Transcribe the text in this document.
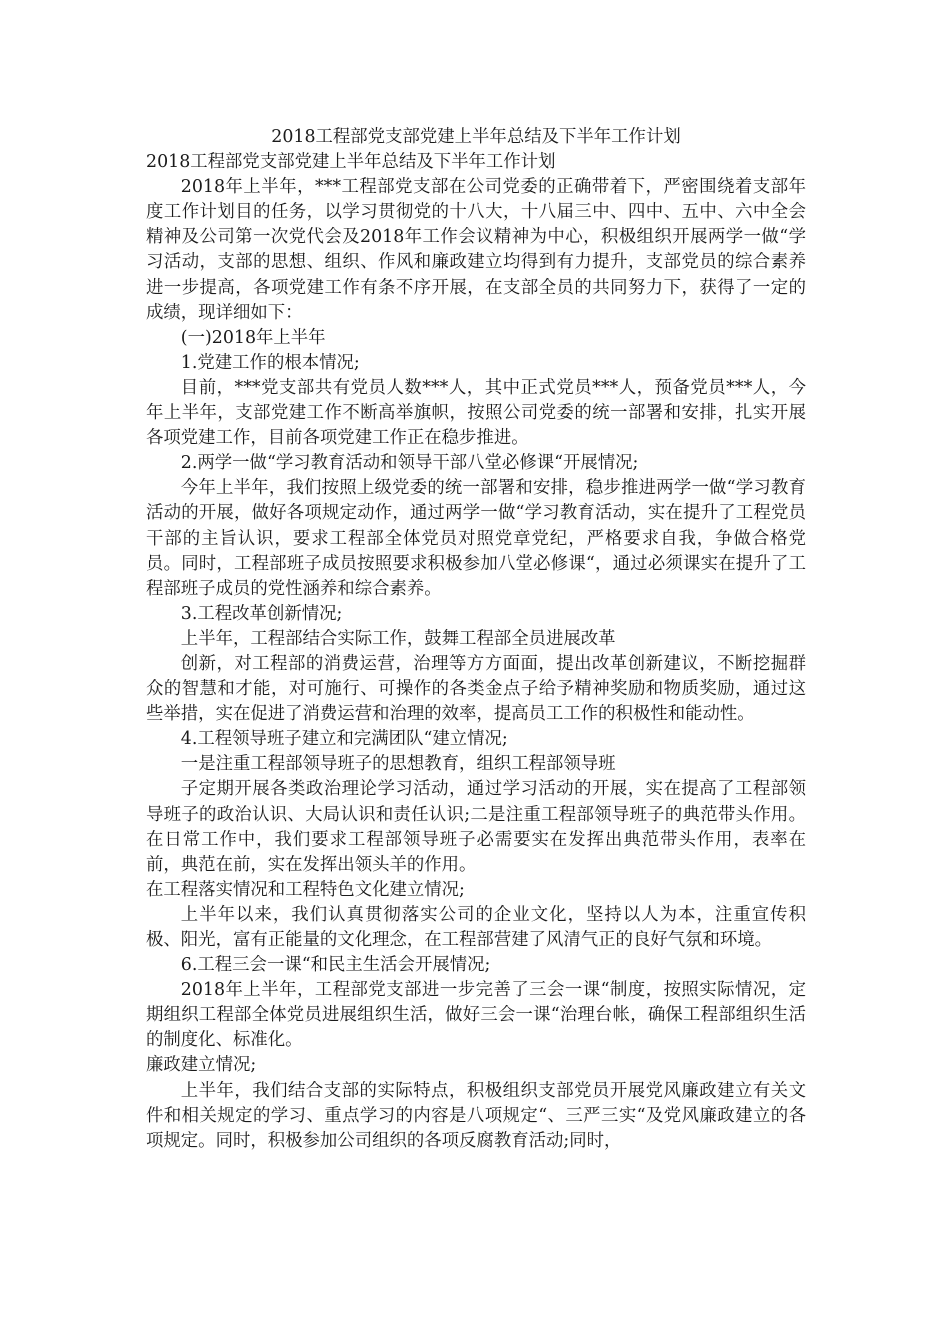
2018工程部党支部党建上半年总结及下半年工作计划

2018工程部党支部党建上半年总结及下半年工作计划

2018年上半年，***工程部党支部在公司党委的正确带着下，严密围绕着支部年度工作计划目的任务，以学习贯彻党的十八大，十八届三中、四中、五中、六中全会精神及公司第一次党代会及2018年工作会议精神为中心，积极组织开展两学一做“学习活动，支部的思想、组织、作风和廉政建立均得到有力提升，支部党员的综合素养进一步提高，各项党建工作有条不序开展，在支部全员的共同努力下，获得了一定的成绩，现详细如下：

(一)2018年上半年

1.党建工作的根本情况;

目前，***党支部共有党员人数***人，其中正式党员***人，预备党员***人，今年上半年，支部党建工作不断高举旗帜，按照公司党委的统一部署和安排，扎实开展各项党建工作，目前各项党建工作正在稳步推进。

2.两学一做“学习教育活动和领导干部八堂必修课“开展情况;

今年上半年，我们按照上级党委的统一部署和安排，稳步推进两学一做“学习教育活动的开展，做好各项规定动作，通过两学一做“学习教育活动，实在提升了工程党员干部的主旨认识，要求工程部全体党员对照党章党纪，严格要求自我，争做合格党员。同时，工程部班子成员按照要求积极参加八堂必修课“，通过必须课实在提升了工程部班子成员的党性涵养和综合素养。

3.工程改革创新情况;

上半年，工程部结合实际工作，鼓舞工程部全员进展改革

创新，对工程部的消费运营，治理等方方面面，提出改革创新建议，不断挖掘群众的智慧和才能，对可施行、可操作的各类金点子给予精神奖励和物质奖励，通过这些举措，实在促进了消费运营和治理的效率，提高员工工作的积极性和能动性。

4.工程领导班子建立和完满团队“建立情况;

一是注重工程部领导班子的思想教育，组织工程部领导班

子定期开展各类政治理论学习活动，通过学习活动的开展，实在提高了工程部领导班子的政治认识、大局认识和责任认识;二是注重工程部领导班子的典范带头作用。在日常工作中，我们要求工程部领导班子必需要实在发挥出典范带头作用，表率在前，典范在前，实在发挥出领头羊的作用。

在工程落实情况和工程特色文化建立情况;

上半年以来，我们认真贯彻落实公司的企业文化，坚持以人为本，注重宣传积极、阳光，富有正能量的文化理念，在工程部营建了风清气正的良好气氛和环境。

6.工程三会一课“和民主生活会开展情况;

2018年上半年，工程部党支部进一步完善了三会一课“制度，按照实际情况，定期组织工程部全体党员进展组织生活，做好三会一课“治理台帐，确保工程部组织生活的制度化、标准化。

廉政建立情况;

上半年，我们结合支部的实际特点，积极组织支部党员开展党风廉政建立有关文件和相关规定的学习、重点学习的内容是八项规定“、三严三实“及党风廉政建立的各项规定。同时，积极参加公司组织的各项反腐教育活动;同时，
